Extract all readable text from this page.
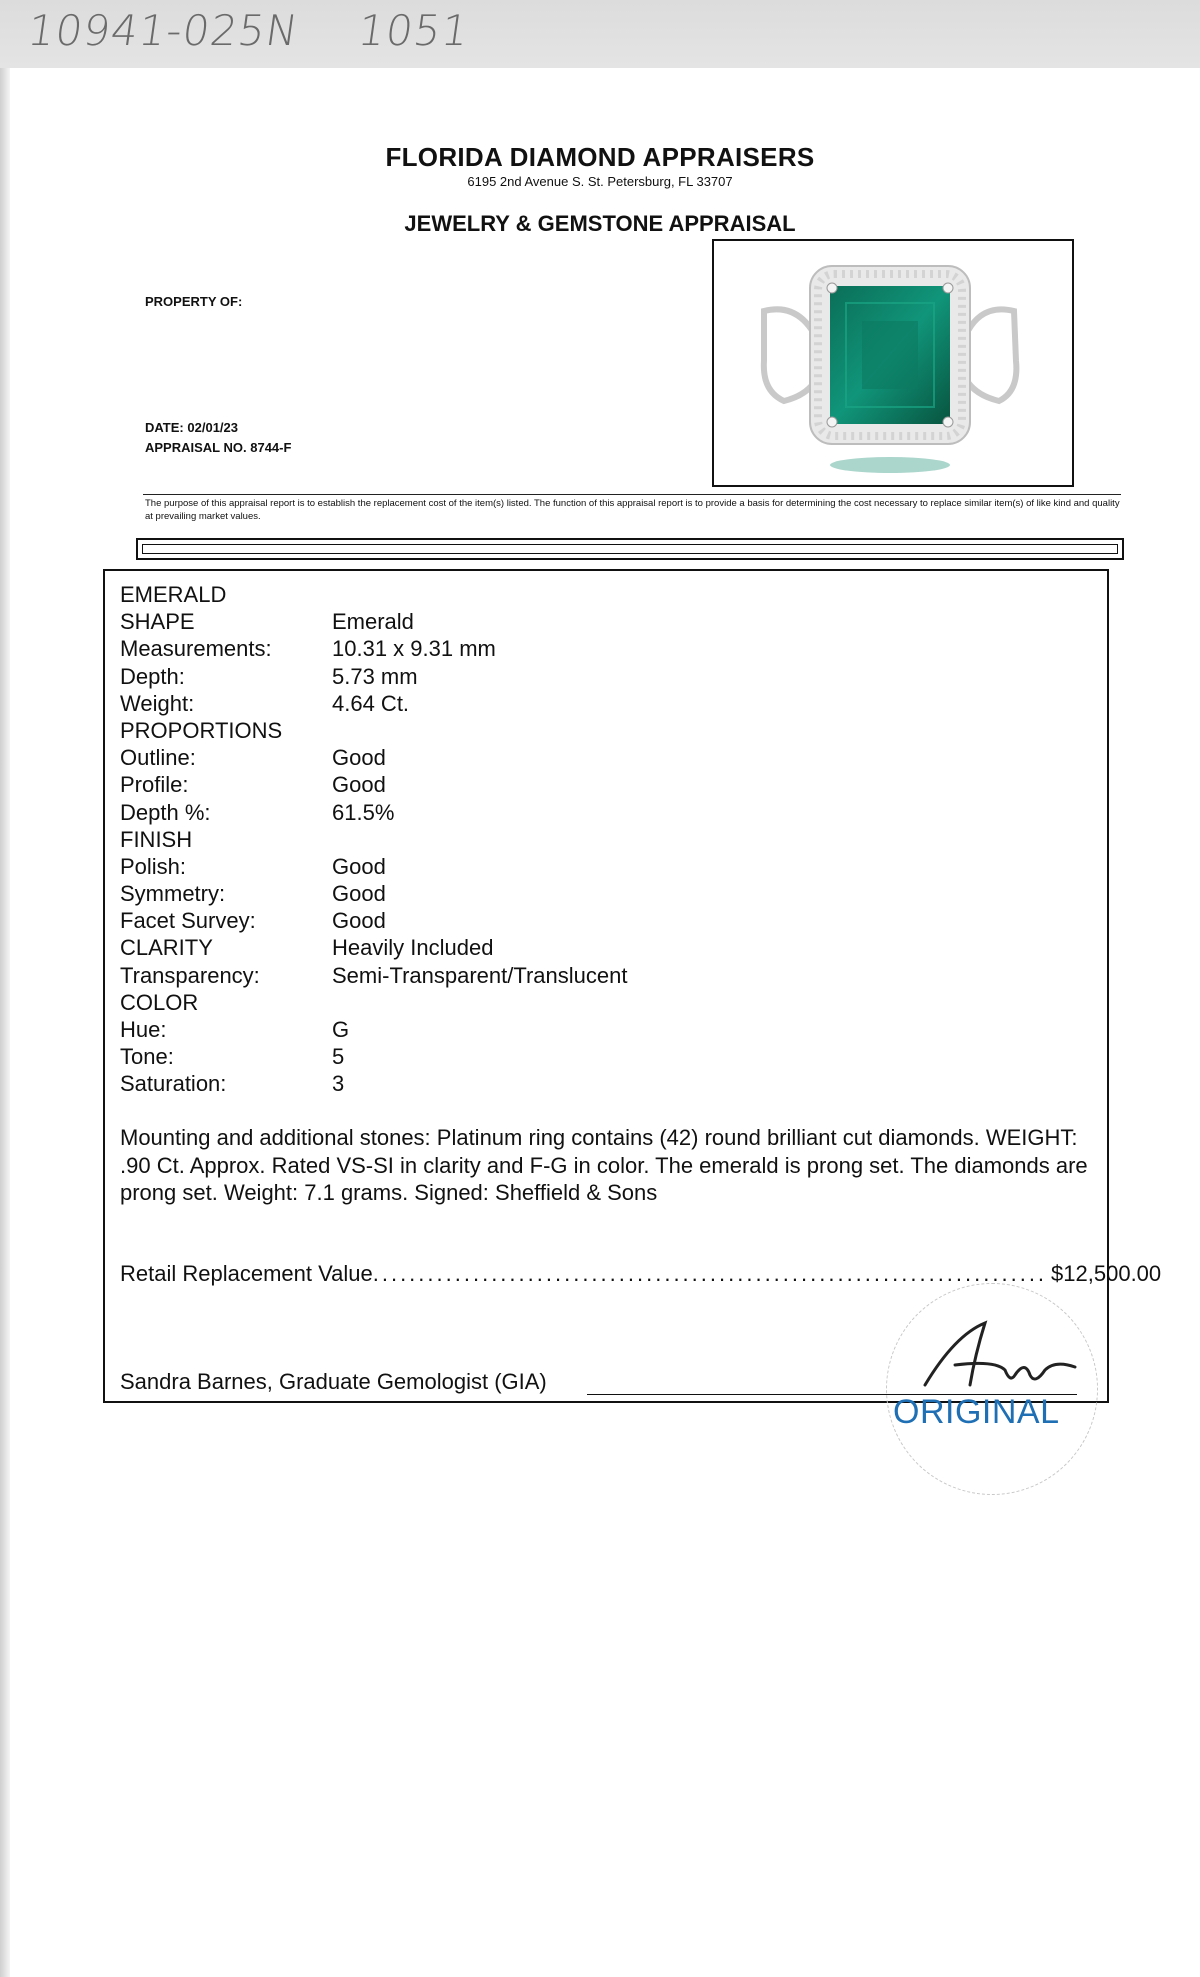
10941-025N 1051
FLORIDA DIAMOND APPRAISERS
6195 2nd Avenue S. St. Petersburg, FL 33707
JEWELRY & GEMSTONE APPRAISAL
PROPERTY OF:
DATE: 02/01/23
APPRAISAL NO. 8744-F
The purpose of this appraisal report is to establish the replacement cost of the item(s) listed. The function of this appraisal report is to provide a basis for determining the cost necessary to replace similar item(s) of like kind and quality at prevailing market values.
EMERALD
SHAPE	Emerald
Measurements:	10.31 x 9.31 mm
Depth:	5.73 mm
Weight:	4.64 Ct.
PROPORTIONS
Outline:	Good
Profile:	Good
Depth %:	61.5%
FINISH
Polish:	Good
Symmetry:	Good
Facet Survey:	Good
CLARITY	Heavily Included
Transparency:	Semi-Transparent/Translucent
COLOR
Hue:	G
Tone:	5
Saturation:	3
Mounting and additional stones: Platinum ring contains (42) round brilliant cut diamonds. WEIGHT: .90 Ct. Approx. Rated VS-SI in clarity and F-G in color. The emerald is prong set. The diamonds are prong set. Weight: 7.1 grams. Signed: Sheffield & Sons
Retail Replacement Value .......................................................................... $12,500.00
Sandra Barnes, Graduate Gemologist (GIA)
ORIGINAL
